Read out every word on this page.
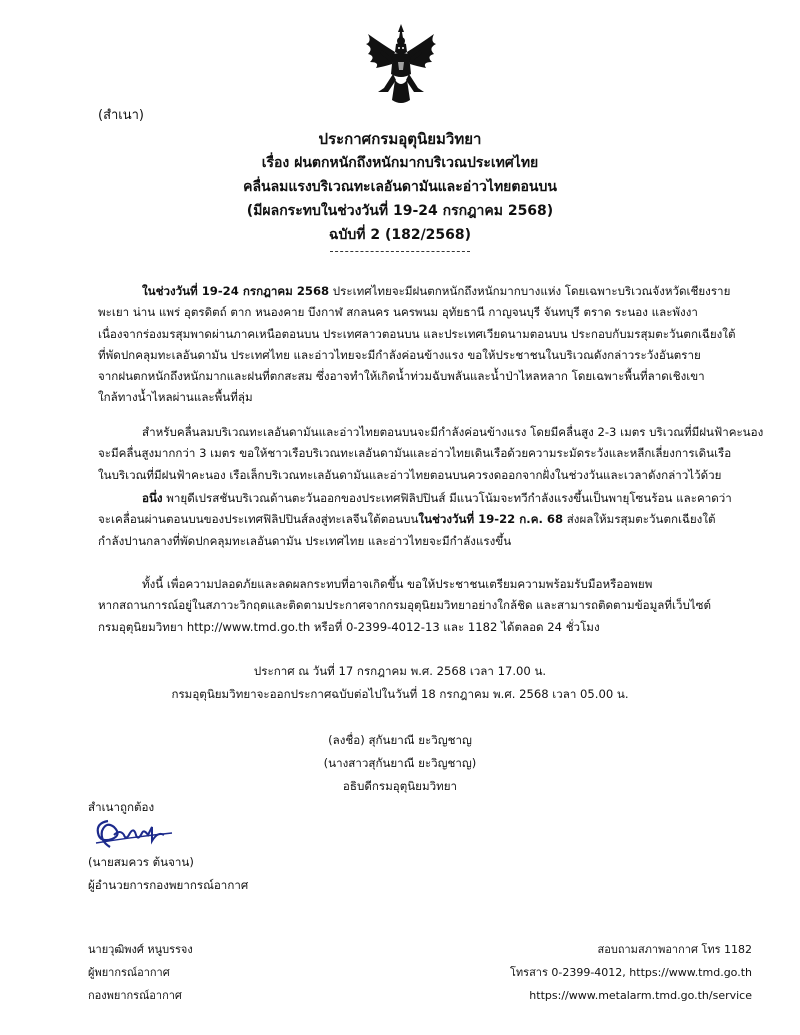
(สำเนา)
ประกาศกรมอุตุนิยมวิทยา
เรื่อง ฝนตกหนักถึงหนักมากบริเวณประเทศไทย
คลื่นลมแรงบริเวณทะเลอันดามันและอ่าวไทยตอนบน
(มีผลกระทบในช่วงวันที่ 19-24 กรกฎาคม 2568)
ฉบับที่ 2 (182/2568)
ในช่วงวันที่ 19-24 กรกฎาคม 2568 ประเทศไทยจะมีฝนตกหนักถึงหนักมากบางแห่ง โดยเฉพาะบริเวณจังหวัดเชียงราย
พะเยา น่าน แพร่ อุตรดิตถ์ ตาก หนองคาย บึงกาฬ สกลนคร นครพนม อุทัยธานี กาญจนบุรี จันทบุรี ตราด ระนอง และพังงา
เนื่องจากร่องมรสุมพาดผ่านภาคเหนือตอนบน ประเทศลาวตอนบน และประเทศเวียดนามตอนบน ประกอบกับมรสุมตะวันตกเฉียงใต้
ที่พัดปกคลุมทะเลอันดามัน ประเทศไทย และอ่าวไทยจะมีกำลังค่อนข้างแรง ขอให้ประชาชนในบริเวณดังกล่าวระวังอันตราย
จากฝนตกหนักถึงหนักมากและฝนที่ตกสะสม ซึ่งอาจทำให้เกิดน้ำท่วมฉับพลันและน้ำป่าไหลหลาก โดยเฉพาะพื้นที่ลาดเชิงเขา
ใกล้ทางน้ำไหลผ่านและพื้นที่ลุ่ม
สำหรับคลื่นลมบริเวณทะเลอันดามันและอ่าวไทยตอนบนจะมีกำลังค่อนข้างแรง โดยมีคลื่นสูง 2-3 เมตร บริเวณที่มีฝนฟ้าคะนอง
จะมีคลื่นสูงมากกว่า 3 เมตร ขอให้ชาวเรือบริเวณทะเลอันดามันและอ่าวไทยเดินเรือด้วยความระมัดระวังและหลีกเลี่ยงการเดินเรือ
ในบริเวณที่มีฝนฟ้าคะนอง เรือเล็กบริเวณทะเลอันดามันและอ่าวไทยตอนบนควรงดออกจากฝั่งในช่วงวันและเวลาดังกล่าวไว้ด้วย
อนึ่ง พายุดีเปรสชันบริเวณด้านตะวันออกของประเทศฟิลิปปินส์ มีแนวโน้มจะทวีกำลังแรงขึ้นเป็นพายุโซนร้อน และคาดว่า
จะเคลื่อนผ่านตอนบนของประเทศฟิลิปปินส์ลงสู่ทะเลจีนใต้ตอนบนในช่วงวันที่ 19-22 ก.ค. 68 ส่งผลให้มรสุมตะวันตกเฉียงใต้
กำลังปานกลางที่พัดปกคลุมทะเลอันดามัน ประเทศไทย และอ่าวไทยจะมีกำลังแรงขึ้น
ทั้งนี้ เพื่อความปลอดภัยและลดผลกระทบที่อาจเกิดขึ้น ขอให้ประชาชนเตรียมความพร้อมรับมือหรืออพยพ
หากสถานการณ์อยู่ในสภาวะวิกฤตและติดตามประกาศจากกรมอุตุนิยมวิทยาอย่างใกล้ชิด และสามารถติดตามข้อมูลที่เว็บไซต์
กรมอุตุนิยมวิทยา http://www.tmd.go.th หรือที่ 0-2399-4012-13 และ 1182 ได้ตลอด 24 ชั่วโมง
ประกาศ ณ วันที่ 17 กรกฎาคม พ.ศ. 2568 เวลา 17.00 น.
กรมอุตุนิยมวิทยาจะออกประกาศฉบับต่อไปในวันที่ 18 กรกฎาคม พ.ศ. 2568 เวลา 05.00 น.
(ลงชื่อ) สุกันยาณี ยะวิญชาญ
(นางสาวสุกันยาณี ยะวิญชาญ)
อธิบดีกรมอุตุนิยมวิทยา
สำเนาถูกต้อง
(นายสมควร ต้นจาน)
ผู้อำนวยการกองพยากรณ์อากาศ
นายวุฒิพงศ์ หนูบรรจง
ผู้พยากรณ์อากาศ
กองพยากรณ์อากาศ
สอบถามสภาพอากาศ โทร 1182
โทรสาร 0-2399-4012, https://www.tmd.go.th
https://www.metalarm.tmd.go.th/service
